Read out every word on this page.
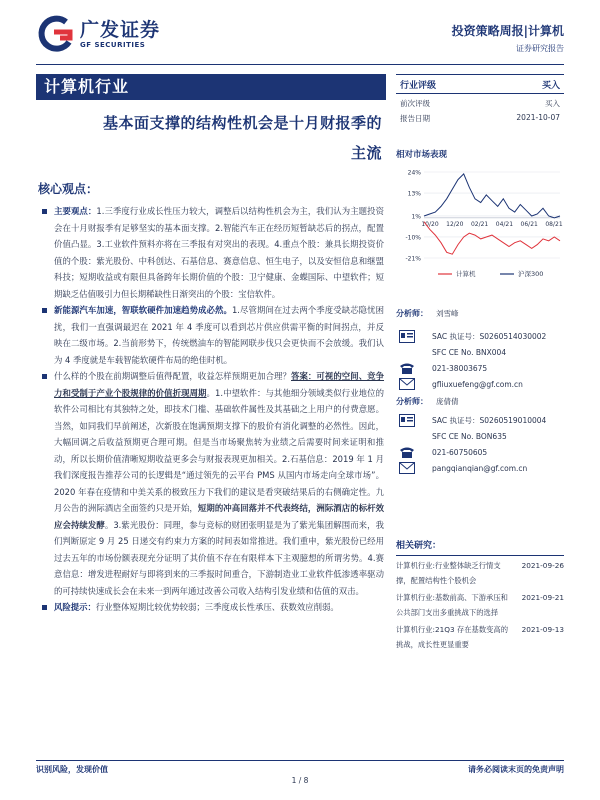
广发证券
GF SECURITIES
投资策略周报|计算机
证券研究报告
计算机行业
基本面支撑的结构性机会是十月财报季的
主流
核心观点：
主要观点：1.三季度行业成长性压力较大，调整后以结构性机会为主，我们认为主题投资会在十月财报季有足够坚实的基本面支撑。2.智能汽车正在经历短暂缺芯后的拐点，配置价值凸显。3.工业软件预料亦将在三季报有对突出的表现。4.重点个股：兼具长期投资价值的个股：紫光股份、中科创达、石基信息、赛意信息、恒生电子，以及安恒信息和继盟科技；短期收益或有限但具备跨年长期价值的个股：卫宁健康、金蝶国际、中望软件；短期缺乏估值吸引力但长期稀缺性日渐突出的个股：宝信软件。
新能源汽车加速，智联软硬件加速趋势成必然。1.尽管期间在过去两个季度受缺芯隐忧困扰，我们一直强调最迟在 2021 年 4 季度可以看到芯片供应供需平衡的时间拐点，并反映在二级市场。2.当前形势下，传统燃油车的智能网联步伐只会更快而不会放缓。我们认为 4 季度就是车载智能软硬件布局的绝佳时机。
什么样的个股在前期调整后值得配置，收益怎样预期更加合理？答案：可视的空间、竞争力和受制于产业个股规律的价值折现周期。1.中望软件：与其他细分领域类似行业地位的软件公司相比有其独特之处，即技术门槛、基础软件属性及其基础之上用户的付费意愿。当然，如同我们早前阐述，次新股在饱满预期支撑下的股价有消化调整的必然性。因此，大幅回调之后收益预期更合理可期。但是当市场聚焦转为业绩之后需要时间来证明和推动，所以长期价值清晰短期收益更多会与财报表现更加相关。2.石基信息：2019 年 1 月我们深度报告推荐公司的长逻辑是“通过领先的云平台 PMS 从国内市场走向全球市场”。2020 年春在疫情和中美关系的极致压力下我们的建议是看突破结果后的右侧确定性。九月公告的洲际酒店全面签约只是开始，短期的冲高回落并不代表终结，洲际酒店的标杆效应会持续发酵。3.紫光股份：同理，参与竞标的财团张明显是为了紫光集团解围而来，我们判断原定 9 月 25 日递交有约束力方案的时间表如常推进。我们重申，紫光股份已经用过去五年的市场份额表现充分证明了其价值不存在有限样本下主观臆想的所谓劣势。4.赛意信息：增发进程耐好与即将到来的三季报时间重合，下游制造业工业软件低渗透率驱动的可持续快速成长会在未来一到两年通过改善公司收入结构引发业绩和估值的双击。
风险提示：行业整体短期比较优势较弱；三季度成长性承压、获数效应削弱。
行业评级	买入
前次评级	买入
报告日期	2021-10-07
相对市场表现
24%
13%
1%
-10%
-21%
10/20 12/20 02/21 04/21 06/21 08/21
计算机	沪深300
分析师：	刘雪峰
SAC 执证号：S0260514030002
SFC CE No. BNX004
021-38003675
gfliuxuefeng@gf.com.cn
分析师：	庞倩倩
SAC 执证号：S0260519010004
SFC CE No. BON635
021-60750605
pangqianqian@gf.com.cn
相关研究：
计算机行业:行业整体缺乏行情支撑，配置结构性个股机会
2021-09-26
计算机行业:基数前高、下游承压和公共部门支出多重挑战下的选择
2021-09-21
计算机行业:21Q3 存在基数变高的挑战，成长性更显重要
2021-09-13
识别风险，发现价值	请务必阅读末页的免责声明
1 / 8
